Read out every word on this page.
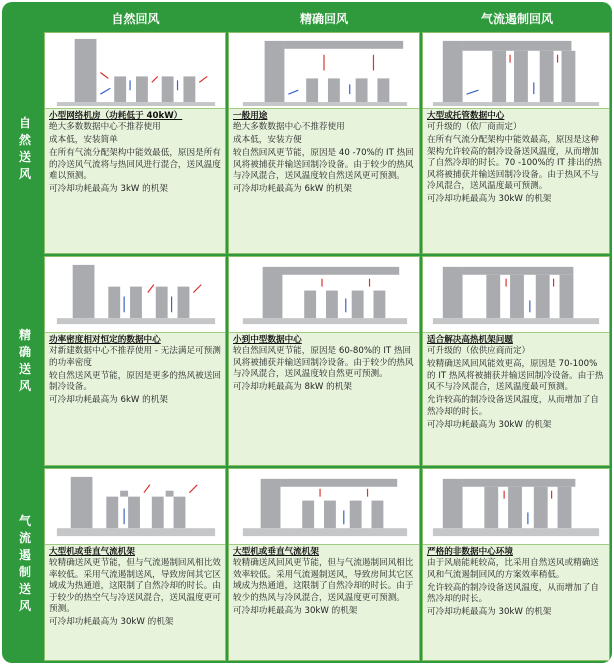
自然回风	精确回风	气流遏制回风
自
然
送
风
精
确
送
风
气
流
遏
制
送
风
小型网络机房（功耗低于 40kW）

绝大多数数据中心不推荐使用

成本低，安装简单

在所有气流分配架构中能效最低，原因是所有的冷送风气流将与热回风进行混合，送风温度难以预测。

可冷却功耗最高为 3kW 的机架

一般用途

绝大多数数据中心不推荐使用

成本低，安装方便

较自然回风更节能，原因是 40 -70%的 IT 热回风将被捕获并输送回制冷设备。由于较少的热风与冷风混合，送风温度较自然送风更可预测。

可冷却功耗最高为 6kW 的机架

大型或托管数据中心

可升级的（依厂商而定）

在所有气流分配架构中能效最高，原因是这种架构允许较高的制冷设备送风温度，从而增加了自然冷却的时长。70 -100%的 IT 排出的热风将被捕获并输送回制冷设备。由于热风不与冷风混合，送风温度最可预测。

可冷却功耗最高为 30kW 的机架

功率密度相对恒定的数据中心

对新建数据中心不推荐使用 - 无法满足可预测的功率密度

较自然送风更节能，原因是更多的热风被送回制冷设备。

可冷却功耗最高为 6kW 的机架

小到中型数据中心

较自然回风更节能，原因是 60-80%的 IT 热回风将被捕获并输送回制冷设备。由于较少的热风与冷风混合，送风温度较自然更可预测。

可冷却功耗最高为 8kW 的机架

适合解决高热机架问题

可升级的（依供应商而定）

较精确送风回风能效更高，原因是 70-100%的 IT 热风将被捕获并输送回制冷设备。由于热风不与冷风混合，送风温度最可预测。

允许较高的制冷设备送风温度，从而增加了自然冷却的时长。

可冷却功耗最高为 30kW 的机架

大型机或垂直气流机架

较精确送风更节能，但与气流遏制回风相比效率较低。采用气流遏制送风，导致房间其它区域成为热通道，这限制了自然冷却的时长。由于较少的热空气与冷送风混合，送风温度更可预测。

可冷却功耗最高为 30kW 的机架

大型机或垂直气流机架

较精确送风回风更节能，但与气流遏制回风相比效率较低。采用气流遏制送风，导致房间其它区域成为热通道，这限制了自然冷却的时长。由于较少的热风与冷风混合，送风温度更可预测。

可冷却功耗最高为 30kW 的机架

严格的非数据中心环境

由于风扇能耗较高，比采用自然送风或精确送风和气流遏制回风的方案效率稍低。

允许较高的制冷设备送风温度，从而增加了自然冷却的时长。

可冷却功耗最高为 30kW 的机架
